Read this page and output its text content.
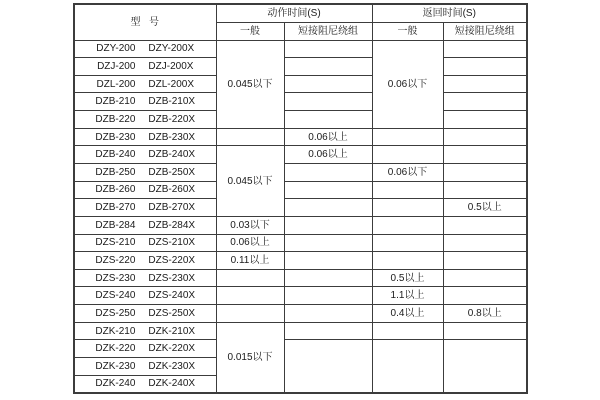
型  号	动作时间(S)		返回时间(S)	
	一般	短接阻尼绕组	一般	短接阻尼绕组

DZY-200 DZY-200X	0.045以下		0.06以下	

DZJ-200 DZJ-200X				

DZL-200 DZL-200X				

DZB-210 DZB-210X				

DZB-220 DZB-220X				

DZB-230 DZB-230X		0.06以上		

DZB-240 DZB-240X	0.045以下	0.06以上		

DZB-250 DZB-250X			0.06以下	

DZB-260 DZB-260X				

DZB-270 DZB-270X				0.5以上

DZB-284 DZB-284X	0.03以下			

DZS-210 DZS-210X	0.06以上			

DZS-220 DZS-220X	0.11以上			

DZS-230 DZS-230X			0.5以上	

DZS-240 DZS-240X			1.1以上	

DZS-250 DZS-250X			0.4以上	0.8以上

DZK-210 DZK-210X	0.015以下			

DZK-220 DZK-220X				

DZK-230 DZK-230X				

DZK-240 DZK-240X				
